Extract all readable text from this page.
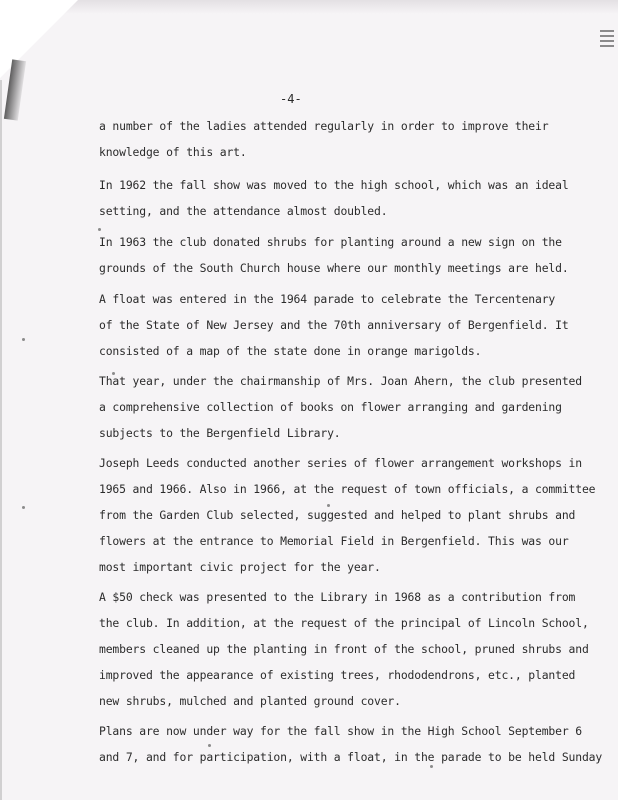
-4-

a number of the ladies attended regularly in order to improve their
knowledge of this art.

In 1962 the fall show was moved to the high school, which was an ideal
setting, and the attendance almost doubled.

In 1963 the club donated shrubs for planting around a new sign on the
grounds of the South Church house where our monthly meetings are held.

A float was entered in the 1964 parade to celebrate the Tercentenary
of the State of New Jersey and the 70th anniversary of Bergenfield. It
consisted of a map of the state done in orange marigolds.

That year, under the chairmanship of Mrs. Joan Ahern, the club presented
a comprehensive collection of books on flower arranging and gardening
subjects to the Bergenfield Library.

Joseph Leeds conducted another series of flower arrangement workshops in
1965 and 1966. Also in 1966, at the request of town officials, a committee
from the Garden Club selected, suggested and helped to plant shrubs and
flowers at the entrance to Memorial Field in Bergenfield. This was our
most important civic project for the year.

A $50 check was presented to the Library in 1968 as a contribution from
the club. In addition, at the request of the principal of Lincoln School,
members cleaned up the planting in front of the school, pruned shrubs and
improved the appearance of existing trees, rhododendrons, etc., planted
new shrubs, mulched and planted ground cover.

Plans are now under way for the fall show in the High School September 6
and 7, and for participation, with a float, in the parade to be held Sunday
